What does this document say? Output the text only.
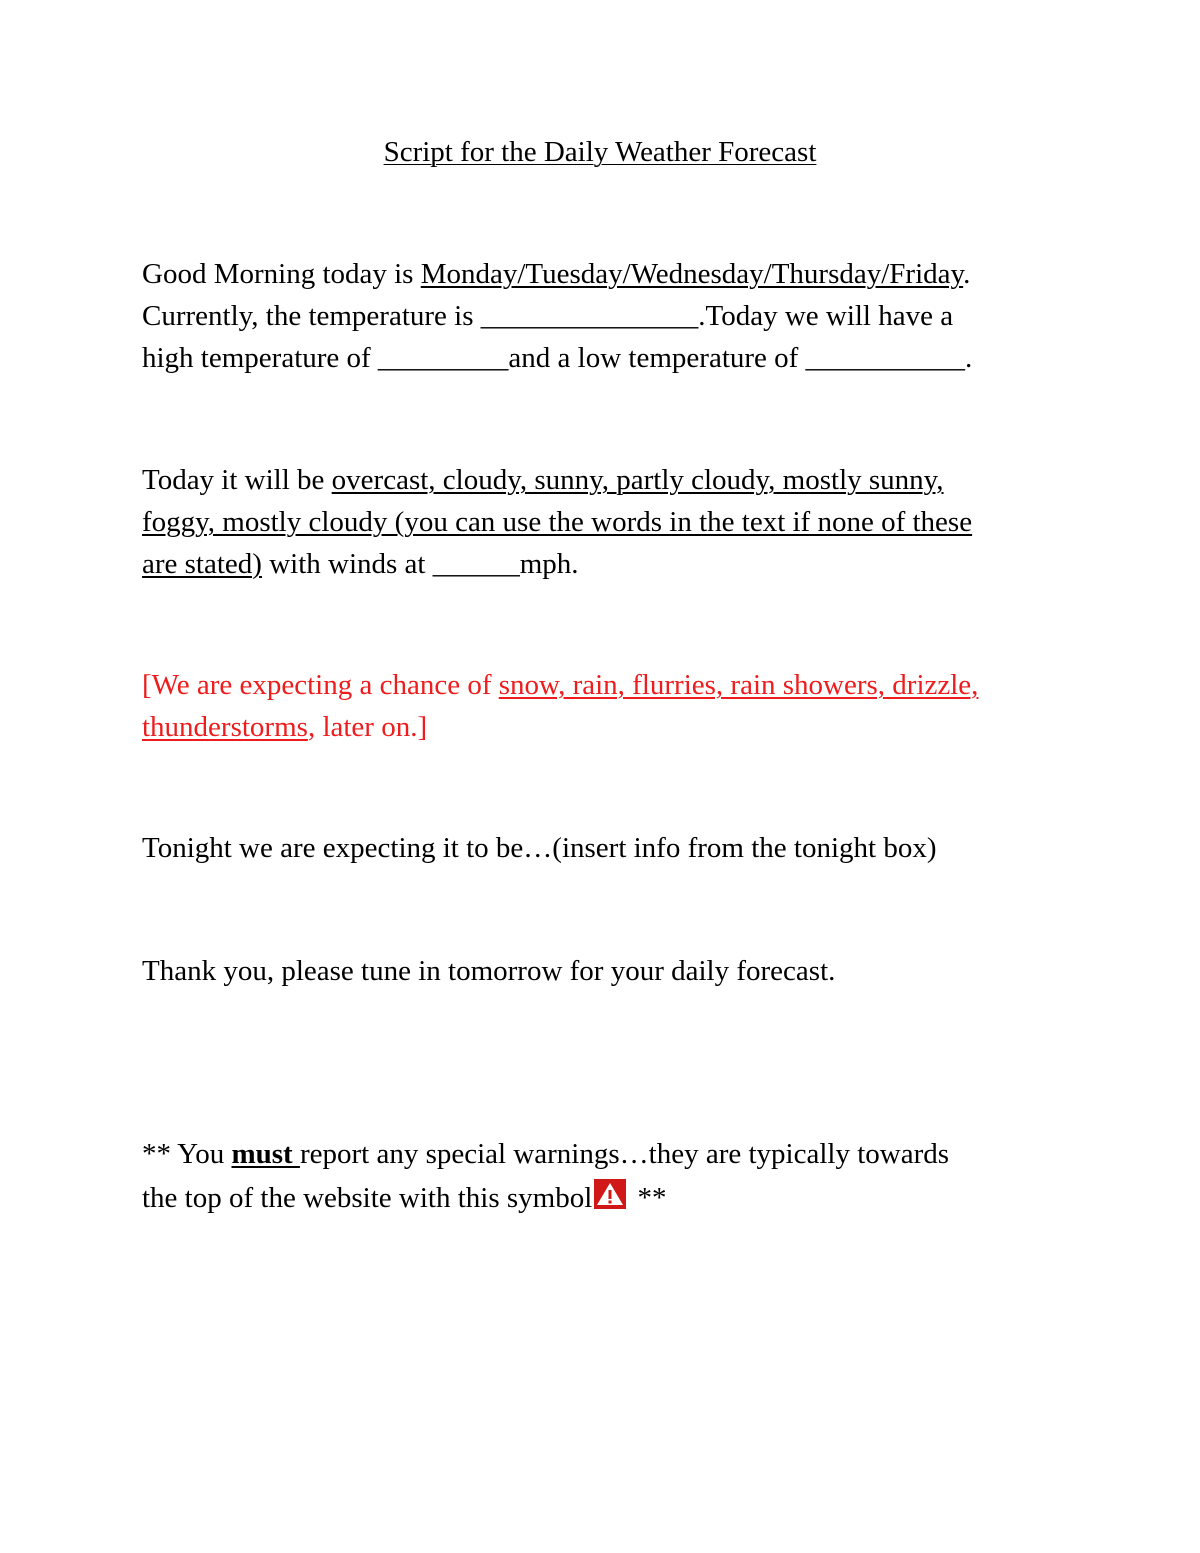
Script for the Daily Weather Forecast
Good Morning today is Monday/Tuesday/Wednesday/Thursday/Friday.
Currently, the temperature is _______________.Today we will have a
high temperature of _________and a low temperature of ___________.
Today it will be overcast, cloudy, sunny, partly cloudy, mostly sunny,
foggy, mostly cloudy (you can use the words in the text if none of these
are stated) with winds at ______mph.
[We are expecting a chance of snow, rain, flurries, rain showers, drizzle,
thunderstorms, later on.]
Tonight we are expecting it to be…(insert info from the tonight box)
Thank you, please tune in tomorrow for your daily forecast.
** You must report any special warnings…they are typically towards
the top of the website with this symbol
**
